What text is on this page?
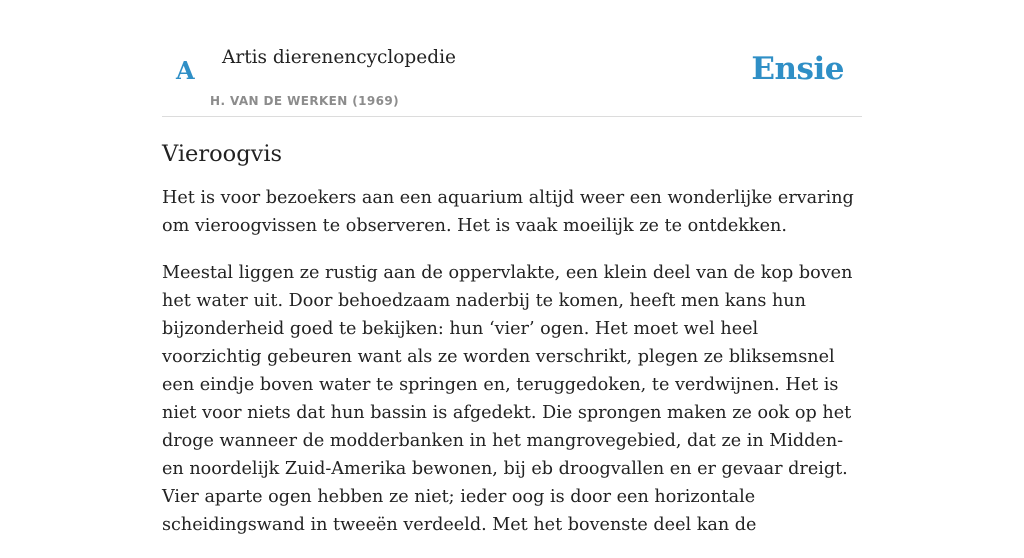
A Artis dierenencyclopedie
H. VAN DE WERKEN (1969)
Ensie
Vieroogvis

Het is voor bezoekers aan een aquarium altijd weer een wonderlijke ervaring om vieroogvissen te observeren. Het is vaak moeilijk ze te ontdekken.

Meestal liggen ze rustig aan de oppervlakte, een klein deel van de kop boven het water uit. Door behoedzaam naderbij te komen, heeft men kans hun bijzonderheid goed te bekijken: hun ‘vier’ ogen. Het moet wel heel voorzichtig gebeuren want als ze worden verschrikt, plegen ze bliksemsnel een eindje boven water te springen en, teruggedoken, te verdwijnen. Het is niet voor niets dat hun bassin is afgedekt. Die sprongen maken ze ook op het droge wanneer de modderbanken in het mangrovegebied, dat ze in Midden- en noordelijk Zuid-Amerika bewonen, bij eb droogvallen en er gevaar dreigt. Vier aparte ogen hebben ze niet; ieder oog is door een horizontale scheidingswand in tweeën verdeeld. Met het bovenste deel kan de
